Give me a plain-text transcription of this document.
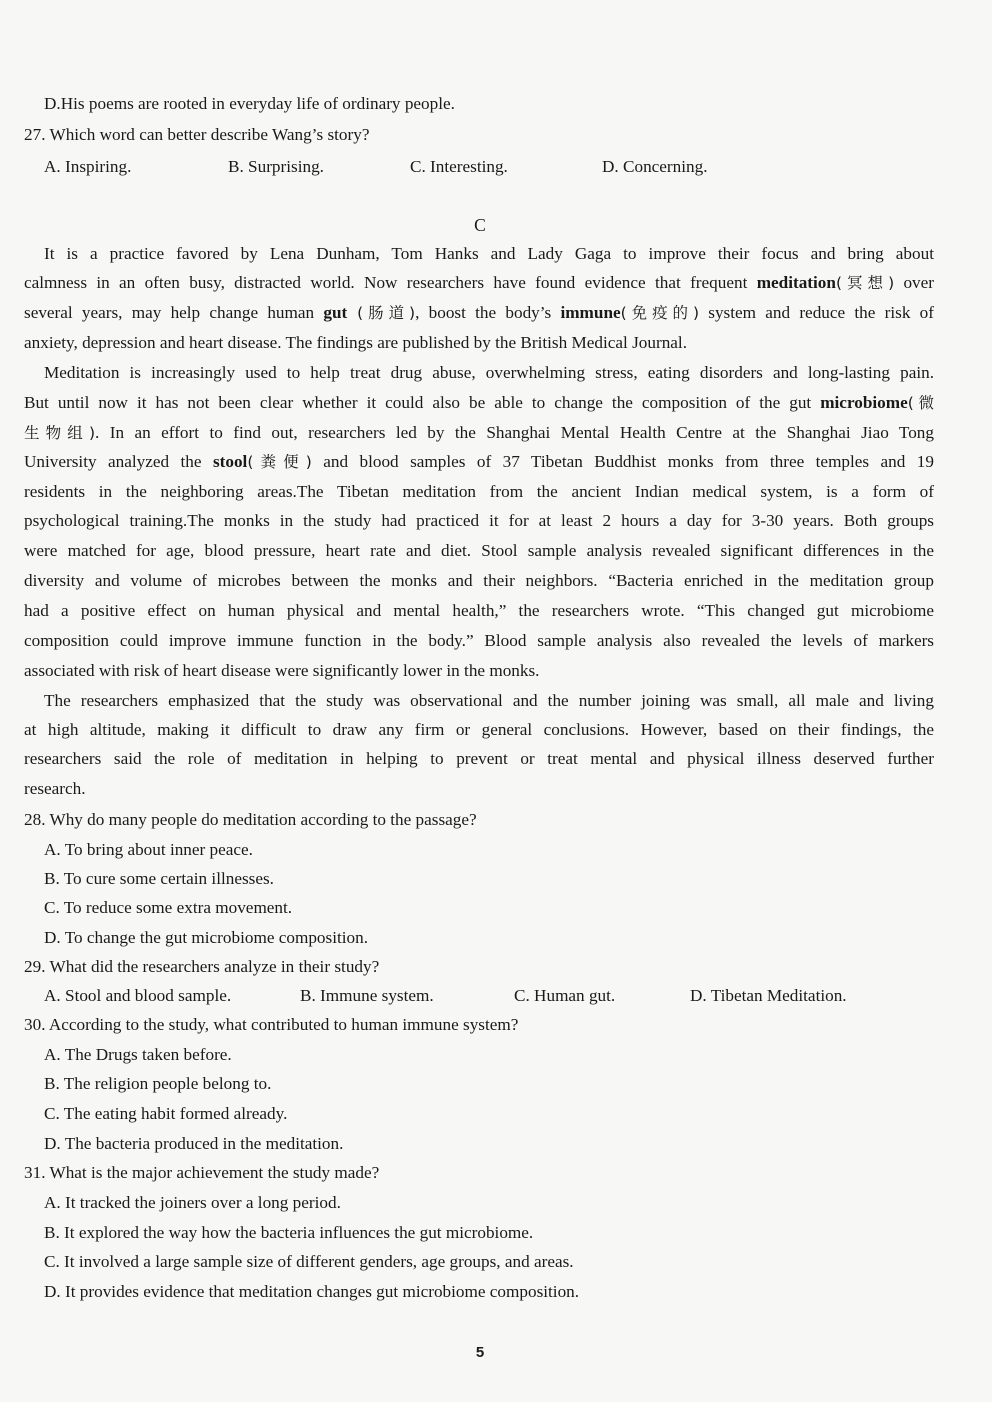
D.His poems are rooted in everyday life of ordinary people.
27. Which word can better describe Wang’s story?
A. Inspiring.	B. Surprising.	C. Interesting.	D. Concerning.
C
It is a practice favored by Lena Dunham, Tom Hanks and Lady Gaga to improve their focus and bring about
calmness in an often busy, distracted world. Now researchers have found evidence that frequent meditation(冥想) over
several years, may help change human gut (肠道), boost the body’s immune(免疫的) system and reduce the risk of
anxiety, depression and heart disease. The findings are published by the British Medical Journal.
Meditation is increasingly used to help treat drug abuse, overwhelming stress, eating disorders and long-lasting pain.
But until now it has not been clear whether it could also be able to change the composition of the gut microbiome(微
生物组). In an effort to find out, researchers led by the Shanghai Mental Health Centre at the Shanghai Jiao Tong
University analyzed the stool(粪便) and blood samples of 37 Tibetan Buddhist monks from three temples and 19
residents in the neighboring areas.The Tibetan meditation from the ancient Indian medical system, is a form of
psychological training.The monks in the study had practiced it for at least 2 hours a day for 3-30 years. Both groups
were matched for age, blood pressure, heart rate and diet. Stool sample analysis revealed significant differences in the
diversity and volume of microbes between the monks and their neighbors. “Bacteria enriched in the meditation group
had a positive effect on human physical and mental health,” the researchers wrote. “This changed gut microbiome
composition could improve immune function in the body.” Blood sample analysis also revealed the levels of markers
associated with risk of heart disease were significantly lower in the monks.
The researchers emphasized that the study was observational and the number joining was small, all male and living
at high altitude, making it difficult to draw any firm or general conclusions. However, based on their findings, the
researchers said the role of meditation in helping to prevent or treat mental and physical illness deserved further
research.
28. Why do many people do meditation according to the passage?
A. To bring about inner peace.
B. To cure some certain illnesses.
C. To reduce some extra movement.
D. To change the gut microbiome composition.
29. What did the researchers analyze in their study?
A. Stool and blood sample.	B. Immune system.	C. Human gut.	D. Tibetan Meditation.
30. According to the study, what contributed to human immune system?
A. The Drugs taken before.
B. The religion people belong to.
C. The eating habit formed already.
D. The bacteria produced in the meditation.
31. What is the major achievement the study made?
A. It tracked the joiners over a long period.
B. It explored the way how the bacteria influences the gut microbiome.
C. It involved a large sample size of different genders, age groups, and areas.
D. It provides evidence that meditation changes gut microbiome composition.
5
